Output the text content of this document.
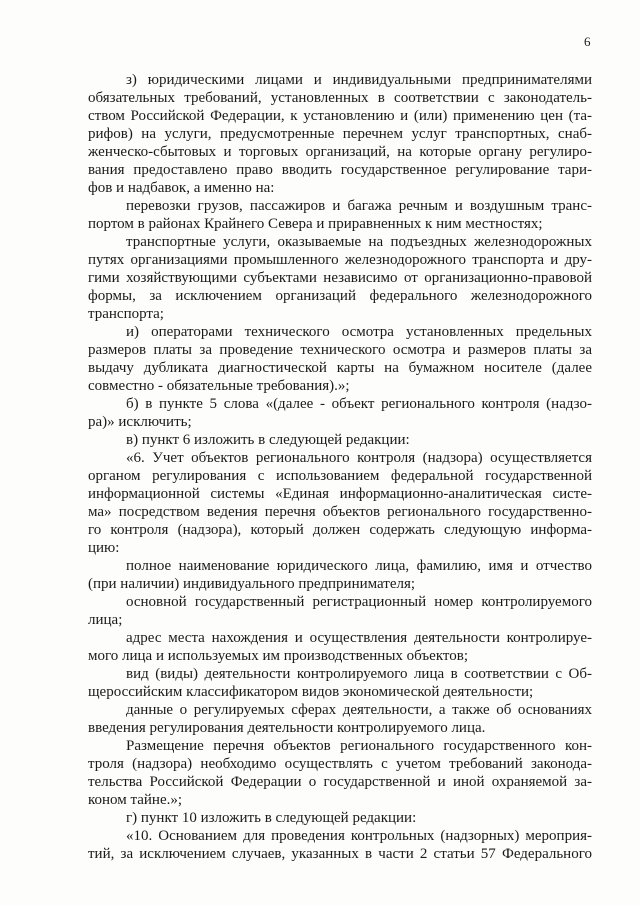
6
з) юридическими лицами и индивидуальными предпринимателями
обязательных требований, установленных в соответствии с законодатель-
ством Российской Федерации, к установлению и (или) применению цен (та-
рифов) на услуги, предусмотренные перечнем услуг транспортных, снаб-
женческо-сбытовых и торговых организаций, на которые органу регулиро-
вания предоставлено право вводить государственное регулирование тари-
фов и надбавок, а именно на:
перевозки грузов, пассажиров и багажа речным и воздушным транс-
портом в районах Крайнего Севера и приравненных к ним местностях;
транспортные услуги, оказываемые на подъездных железнодорожных
путях организациями промышленного железнодорожного транспорта и дру-
гими хозяйствующими субъектами независимо от организационно-правовой
формы, за исключением организаций федерального железнодорожного
транспорта;
и) операторами технического осмотра установленных предельных
размеров платы за проведение технического осмотра и размеров платы за
выдачу дубликата диагностической карты на бумажном носителе (далее
совместно - обязательные требования).»;
б) в пункте 5 слова «(далее - объект регионального контроля (надзо-
ра)» исключить;
в) пункт 6 изложить в следующей редакции:
«6. Учет объектов регионального контроля (надзора) осуществляется
органом регулирования с использованием федеральной государственной
информационной системы «Единая информационно-аналитическая систе-
ма» посредством ведения перечня объектов регионального государственно-
го контроля (надзора), который должен содержать следующую информа-
цию:
полное наименование юридического лица, фамилию, имя и отчество
(при наличии) индивидуального предпринимателя;
основной государственный регистрационный номер контролируемого
лица;
адрес места нахождения и осуществления деятельности контролируе-
мого лица и используемых им производственных объектов;
вид (виды) деятельности контролируемого лица в соответствии с Об-
щероссийским классификатором видов экономической деятельности;
данные о регулируемых сферах деятельности, а также об основаниях
введения регулирования деятельности контролируемого лица.
Размещение перечня объектов регионального государственного кон-
троля (надзора) необходимо осуществлять с учетом требований законода-
тельства Российской Федерации о государственной и иной охраняемой за-
коном тайне.»;
г) пункт 10 изложить в следующей редакции:
«10. Основанием для проведения контрольных (надзорных) мероприя-
тий, за исключением случаев, указанных в части 2 статьи 57 Федерального
